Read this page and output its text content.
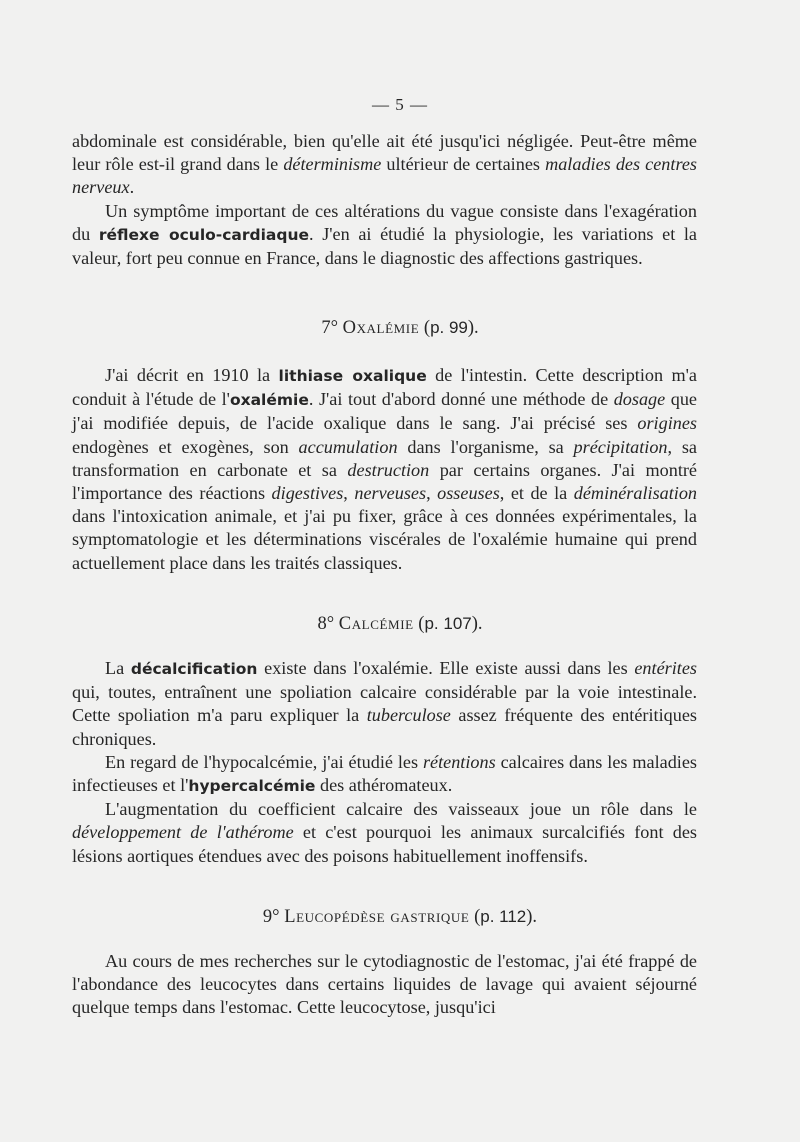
— 5 —

abdominale est considérable, bien qu'elle ait été jusqu'ici négligée. Peut-être même leur rôle est-il grand dans le déterminisme ultérieur de certaines maladies des centres nerveux.

Un symptôme important de ces altérations du vague consiste dans l'exagération du réflexe oculo-cardiaque. J'en ai étudié la physiologie, les variations et la valeur, fort peu connue en France, dans le diagnostic des affections gastriques.

7° Oxalémie (p. 99).

J'ai décrit en 1910 la lithiase oxalique de l'intestin. Cette description m'a conduit à l'étude de l'oxalémie. J'ai tout d'abord donné une méthode de dosage que j'ai modifiée depuis, de l'acide oxalique dans le sang. J'ai précisé ses origines endogènes et exogènes, son accumulation dans l'organisme, sa précipitation, sa transformation en carbonate et sa destruction par certains organes. J'ai montré l'importance des réactions digestives, nerveuses, osseuses, et de la déminéralisation dans l'intoxication animale, et j'ai pu fixer, grâce à ces données expérimentales, la symptomatologie et les déterminations viscérales de l'oxalémie humaine qui prend actuellement place dans les traités classiques.

8° Calcémie (p. 107).

La décalcification existe dans l'oxalémie. Elle existe aussi dans les entérites qui, toutes, entraînent une spoliation calcaire considérable par la voie intestinale. Cette spoliation m'a paru expliquer la tuberculose assez fréquente des entéritiques chroniques.

En regard de l'hypocalcémie, j'ai étudié les rétentions calcaires dans les maladies infectieuses et l'hypercalcémie des athéromateux.

L'augmentation du coefficient calcaire des vaisseaux joue un rôle dans le développement de l'athérome et c'est pourquoi les animaux surcalcifiés font des lésions aortiques étendues avec des poisons habituellement inoffensifs.

9° Leucopédèse gastrique (p. 112).

Au cours de mes recherches sur le cytodiagnostic de l'estomac, j'ai été frappé de l'abondance des leucocytes dans certains liquides de lavage qui avaient séjourné quelque temps dans l'estomac. Cette leucocytose, jusqu'ici
